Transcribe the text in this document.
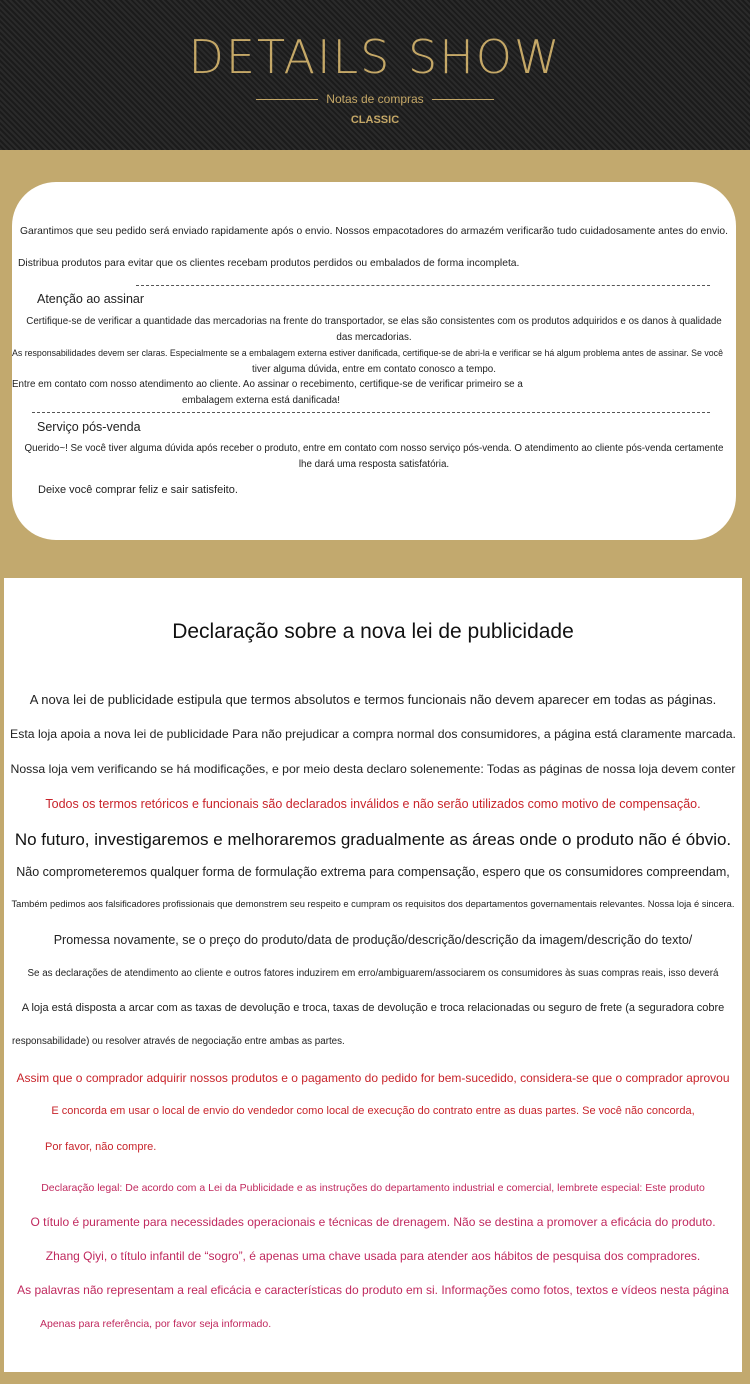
DETAILS SHOW
Notas de compras
CLASSIC
Garantimos que seu pedido será enviado rapidamente após o envio. Nossos empacotadores do armazém verificarão tudo cuidadosamente antes do envio.
Distribua produtos para evitar que os clientes recebam produtos perdidos ou embalados de forma incompleta.
Atenção ao assinar
Certifique-se de verificar a quantidade das mercadorias na frente do transportador, se elas são consistentes com os produtos adquiridos e os danos à qualidade
das mercadorias.
As responsabilidades devem ser claras. Especialmente se a embalagem externa estiver danificada, certifique-se de abri-la e verificar se há algum problema antes de assinar. Se você
tiver alguma dúvida, entre em contato conosco a tempo.
Entre em contato com nosso atendimento ao cliente. Ao assinar o recebimento, certifique-se de verificar primeiro se a
embalagem externa está danificada!
Serviço pós-venda
Querido~! Se você tiver alguma dúvida após receber o produto, entre em contato com nosso serviço pós-venda. O atendimento ao cliente pós-venda certamente
lhe dará uma resposta satisfatória.
Deixe você comprar feliz e sair satisfeito.
Declaração sobre a nova lei de publicidade
A nova lei de publicidade estipula que termos absolutos e termos funcionais não devem aparecer em todas as páginas.
Esta loja apoia a nova lei de publicidade Para não prejudicar a compra normal dos consumidores, a página está claramente marcada.
Nossa loja vem verificando se há modificações, e por meio desta declaro solenemente: Todas as páginas de nossa loja devem conter
Todos os termos retóricos e funcionais são declarados inválidos e não serão utilizados como motivo de compensação.
No futuro, investigaremos e melhoraremos gradualmente as áreas onde o produto não é óbvio.
Não comprometeremos qualquer forma de formulação extrema para compensação, espero que os consumidores compreendam,
Também pedimos aos falsificadores profissionais que demonstrem seu respeito e cumpram os requisitos dos departamentos governamentais relevantes. Nossa loja é sincera.
Promessa novamente, se o preço do produto/data de produção/descrição/descrição da imagem/descrição do texto/
Se as declarações de atendimento ao cliente e outros fatores induzirem em erro/ambiguarem/associarem os consumidores às suas compras reais, isso deverá
A loja está disposta a arcar com as taxas de devolução e troca, taxas de devolução e troca relacionadas ou seguro de frete (a seguradora cobre
responsabilidade) ou resolver através de negociação entre ambas as partes.
Assim que o comprador adquirir nossos produtos e o pagamento do pedido for bem-sucedido, considera-se que o comprador aprovou
E concorda em usar o local de envio do vendedor como local de execução do contrato entre as duas partes. Se você não concorda,
Por favor, não compre.
Declaração legal: De acordo com a Lei da Publicidade e as instruções do departamento industrial e comercial, lembrete especial: Este produto
O título é puramente para necessidades operacionais e técnicas de drenagem. Não se destina a promover a eficácia do produto.
Zhang Qiyi, o título infantil de “sogro”, é apenas uma chave usada para atender aos hábitos de pesquisa dos compradores.
As palavras não representam a real eficácia e características do produto em si. Informações como fotos, textos e vídeos nesta página
Apenas para referência, por favor seja informado.
